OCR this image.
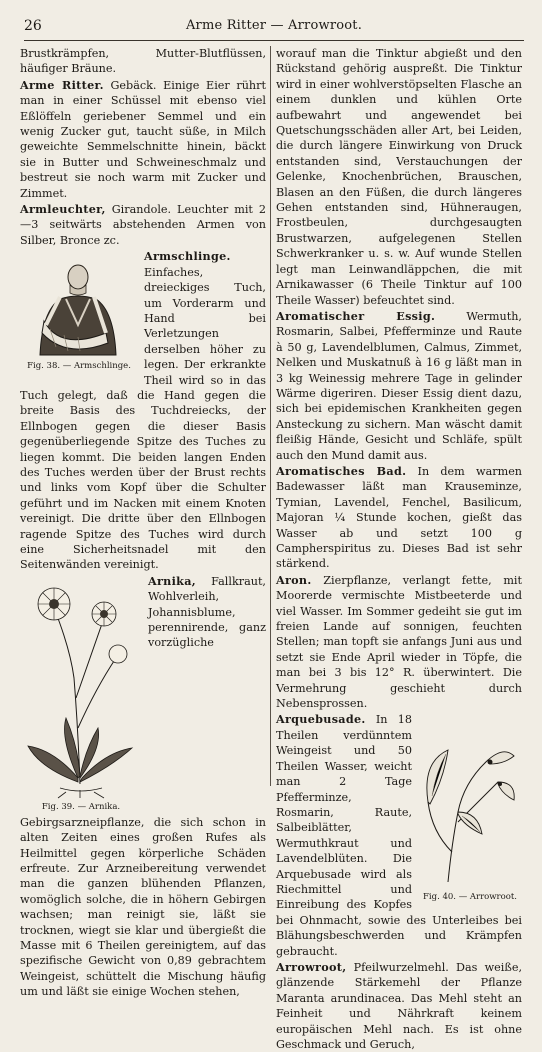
26	Arme Ritter — Arrowroot.

Brustkrämpfen, Mutter-Blutflüssen, häufiger Bräune.

Arme Ritter. Gebäck. Einige Eier rührt man in einer Schüssel mit ebenso viel Eßlöffeln geriebener Semmel und ein wenig Zucker gut, taucht süße, in Milch geweichte Semmelschnitte hinein, bäckt sie in Butter und Schweineschmalz und bestreut sie noch warm mit Zucker und Zimmet.

Armleuchter, Girandole. Leuchter mit 2—3 seitwärts abstehenden Armen von Silber, Bronce zc.

Fig. 38. — Armschlinge.

Armschlinge. Einfaches, dreieckiges Tuch, um Vorderarm und Hand bei Verletzungen derselben höher zu legen. Der erkrankte Theil wird so in das Tuch gelegt, daß die Hand gegen die breite Basis des Tuchdreiecks, der Ellnbogen gegen die dieser Basis gegenüberliegende Spitze des Tuches zu liegen kommt. Die beiden langen Enden des Tuches werden über der Brust rechts und links vom Kopf über die Schulter geführt und im Nacken mit einem Knoten vereinigt. Die dritte über den Ellnbogen ragende Spitze des Tuches wird durch eine Sicherheitsnadel mit den Seitenwänden vereinigt.

Fig. 39. — Arnika.

Arnika, Fallkraut, Wohlverleih, Johannisblume, perennirende, ganz vorzügliche Gebirgsarzneipflanze, die sich schon in alten Zeiten eines großen Rufes als Heilmittel gegen körperliche Schäden erfreute. Zur Arzneibereitung verwendet man die ganzen blühenden Pflanzen, womöglich solche, die in höhern Gebirgen wachsen; man reinigt sie, läßt sie trocknen, wiegt sie klar und übergießt die Masse mit 6 Theilen gereinigtem, auf das spezifische Gewicht von 0,89 gebrachtem Weingeist, schüttelt die Mischung häufig um und läßt sie einige Wochen stehen,

worauf man die Tinktur abgießt und den Rückstand gehörig auspreßt. Die Tinktur wird in einer wohlverstöpselten Flasche an einem dunklen und kühlen Orte aufbewahrt und angewendet bei Quetschungsschäden aller Art, bei Leiden, die durch längere Einwirkung von Druck entstanden sind, Verstauchungen der Gelenke, Knochenbrüchen, Brauschen, Blasen an den Füßen, die durch längeres Gehen entstanden sind, Hühneraugen, Frostbeulen, durchgesaugten Brustwarzen, aufgelegenen Stellen Schwerkranker u. s. w. Auf wunde Stellen legt man Leinwandläppchen, die mit Arnikawasser (6 Theile Tinktur auf 100 Theile Wasser) befeuchtet sind.

Aromatischer Essig.	Wermuth, Rosmarin, Salbei, Pfefferminze und Raute à 50 g, Lavendelblumen, Calmus, Zimmet, Nelken und Muskatnuß à 16 g läßt man in 3 kg Weinessig mehrere Tage in gelinder Wärme digeriren. Dieser Essig dient dazu, sich bei epidemischen Krankheiten gegen Ansteckung zu sichern. Man wäscht damit fleißig Hände, Gesicht und Schläfe, spült auch den Mund damit aus.

Aromatisches Bad. In dem warmen Badewasser läßt man Krauseminze, Tymian, Lavendel, Fenchel, Basilicum, Majoran ¼ Stunde kochen, gießt das Wasser ab und setzt 100 g Campherspiritus zu. Dieses Bad ist sehr stärkend.

Aron. Zierpflanze, verlangt fette, mit Moorerde vermischte Mistbeeterde und viel Wasser. Im Sommer gedeiht sie gut im freien Lande auf sonnigen, feuchten Stellen; man topft sie anfangs Juni aus und setzt sie Ende April wieder in Töpfe, die man bei 3 bis 12° R. überwintert. Die Vermehrung geschieht durch Nebensprossen.

Fig. 40. — Arrowroot.

Arquebusade. In 18 Theilen verdünntem Weingeist und 50 Theilen Wasser, weicht man 2 Tage Pfefferminze, Rosmarin, Raute, Salbeiblätter, Wermuthkraut und Lavendelblüten. Die Arquebusade wird als Riechmittel und Einreibung des Kopfes bei Ohnmacht, sowie des Unterleibes bei Blähungsbeschwerden und Krämpfen gebraucht.

Arrowroot, Pfeilwurzelmehl. Das weiße, glänzende Stärkemehl der Pflanze Maranta arundinacea. Das Mehl steht an Feinheit und Nährkraft keinem europäischen Mehl nach. Es ist ohne Geschmack und Geruch,
